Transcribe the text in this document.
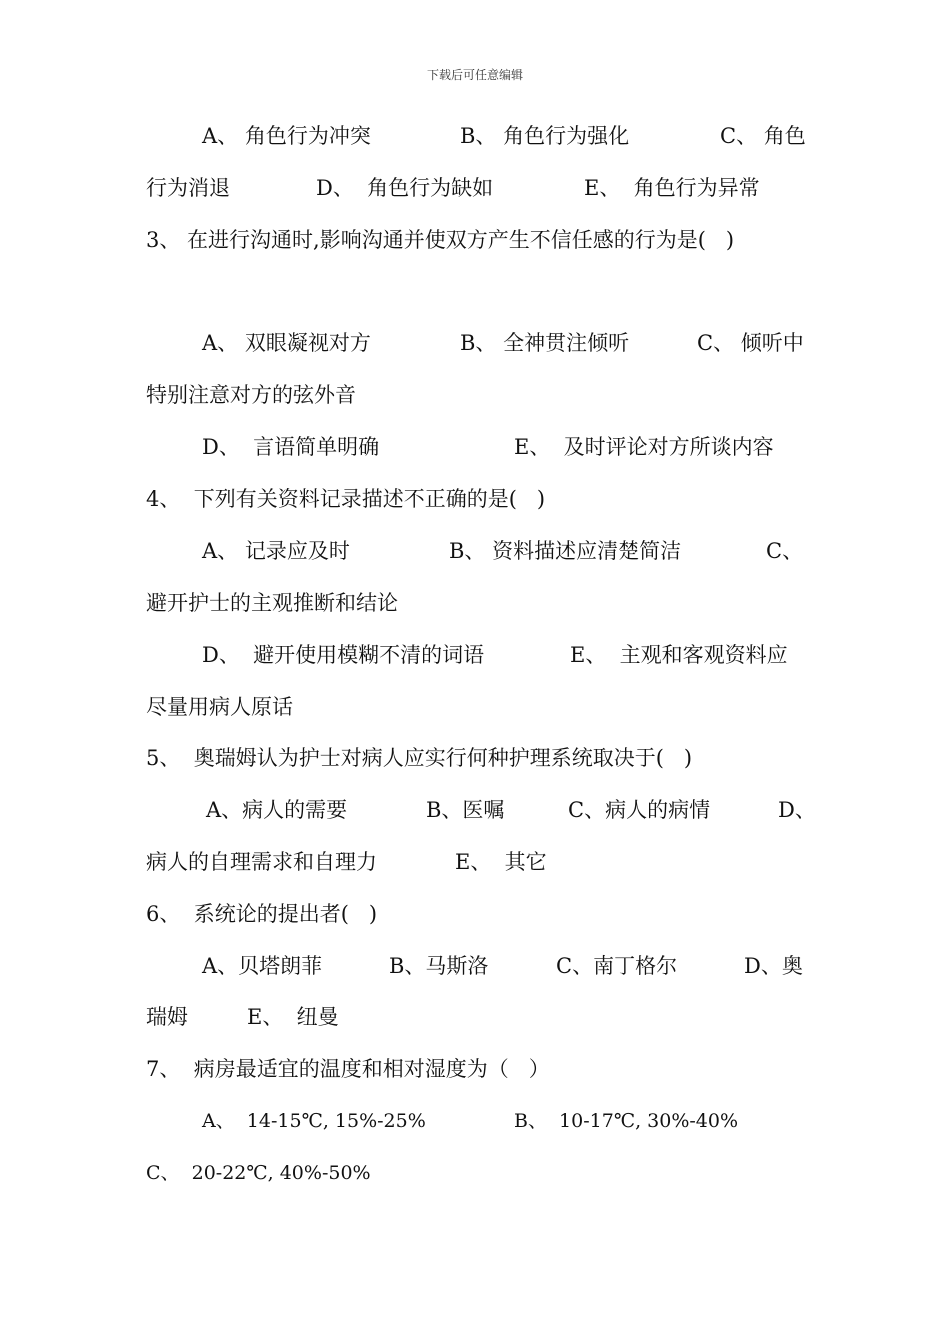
下载后可任意编辑
A、 角色行为冲突	B、 角色行为强化	C、 角色
行为消退	D、  角色行为缺如	E、  角色行为异常
3、 在进行沟通时,影响沟通并使双方产生不信任感的行为是(   )
A、 双眼凝视对方	B、 全神贯注倾听	C、 倾听中
特别注意对方的弦外音
D、  言语简单明确	E、  及时评论对方所谈内容
4、  下列有关资料记录描述不正确的是(   )
A、 记录应及时	B、 资料描述应清楚简洁	C、
避开护士的主观推断和结论
D、  避开使用模糊不清的词语	E、  主观和客观资料应
尽量用病人原话
5、  奥瑞姆认为护士对病人应实行何种护理系统取决于(   )
A、病人的需要	B、医嘱	C、病人的病情	D、
病人的自理需求和自理力	E、  其它
6、  系统论的提出者(   )
A、贝塔朗菲	B、马斯洛	C、南丁格尔	D、奥
瑞姆	E、  纽曼
7、  病房最适宜的温度和相对湿度为（   ）
A、  14-15℃, 15%-25%	B、  10-17℃, 30%-40%
C、  20-22℃, 40%-50%
